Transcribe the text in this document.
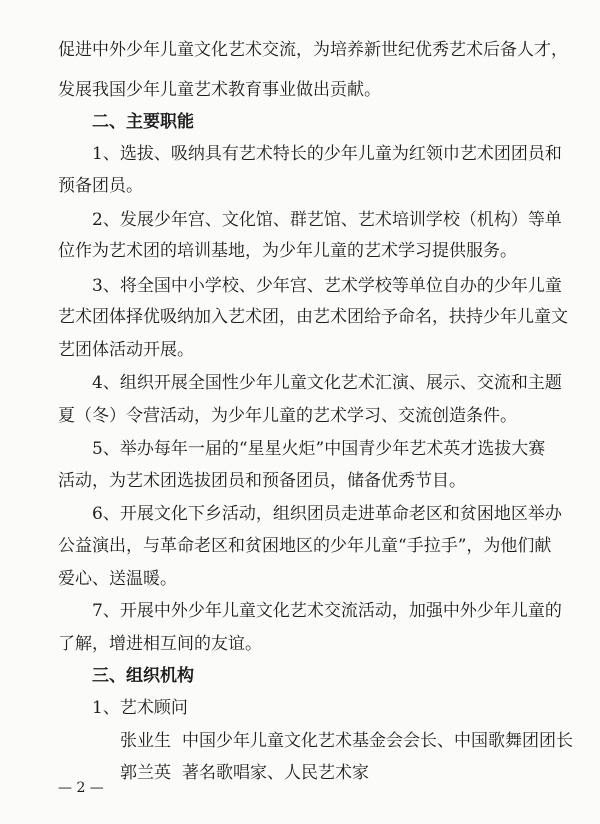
促进中外少年儿童文化艺术交流，为培养新世纪优秀艺术后备人才，
发展我国少年儿童艺术教育事业做出贡献。
二、主要职能
1、选拔、吸纳具有艺术特长的少年儿童为红领巾艺术团团员和
预备团员。
2、发展少年宫、文化馆、群艺馆、艺术培训学校（机构）等单
位作为艺术团的培训基地，为少年儿童的艺术学习提供服务。
3、将全国中小学校、少年宫、艺术学校等单位自办的少年儿童
艺术团体择优吸纳加入艺术团，由艺术团给予命名，扶持少年儿童文
艺团体活动开展。
4、组织开展全国性少年儿童文化艺术汇演、展示、交流和主题
夏（冬）令营活动，为少年儿童的艺术学习、交流创造条件。
5、举办每年一届的“星星火炬”中国青少年艺术英才选拔大赛
活动，为艺术团选拔团员和预备团员，储备优秀节目。
6、开展文化下乡活动，组织团员走进革命老区和贫困地区举办
公益演出，与革命老区和贫困地区的少年儿童“手拉手”，为他们献
爱心、送温暖。
7、开展中外少年儿童文化艺术交流活动，加强中外少年儿童的
了解，增进相互间的友谊。
三、组织机构
1、艺术顾问
张业生 中国少年儿童文化艺术基金会会长、中国歌舞团团长
郭兰英 著名歌唱家、人民艺术家
— 2 —
